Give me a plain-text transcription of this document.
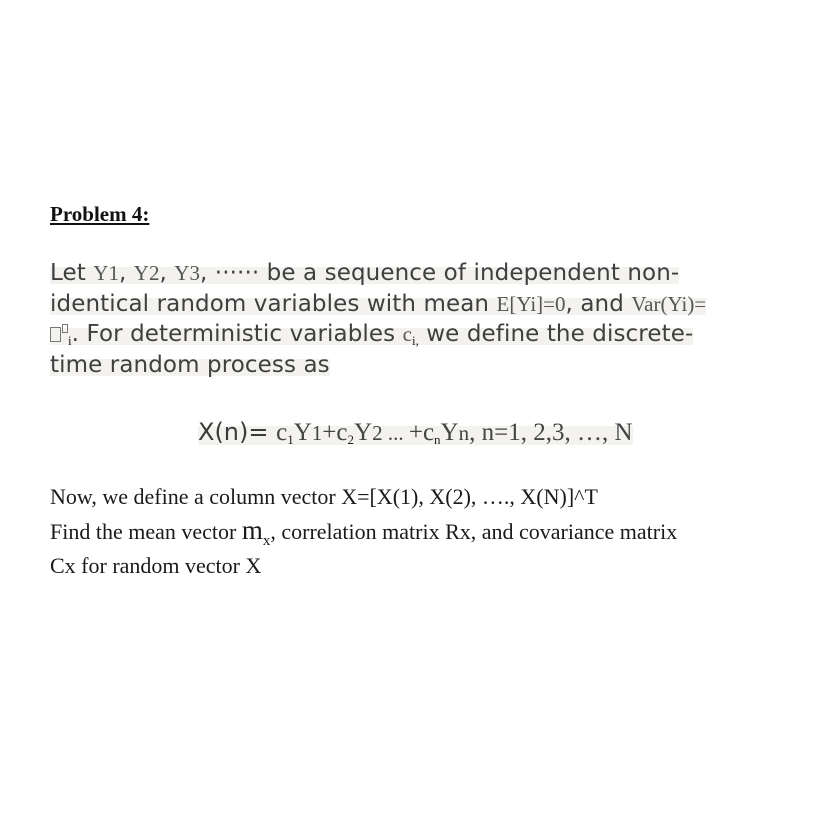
Problem 4:
Let Y1, Y2, Y3, ······ be a sequence of independent non-
identical random variables with mean E[Yi]=0, and Var(Yi)=
$_i$. For deterministic variables $c_{i,}$ we define the discrete-
time random process as
$X(n)= c_1Y1+c_2Y2$ ... $+c_nYn$, n=1, 2,3, …, N
Now, we define a column vector X=[X(1), X(2), …., X(N)]^T
Find the mean vector $m_x$, correlation matrix Rx, and covariance matrix
Cx for random vector X
